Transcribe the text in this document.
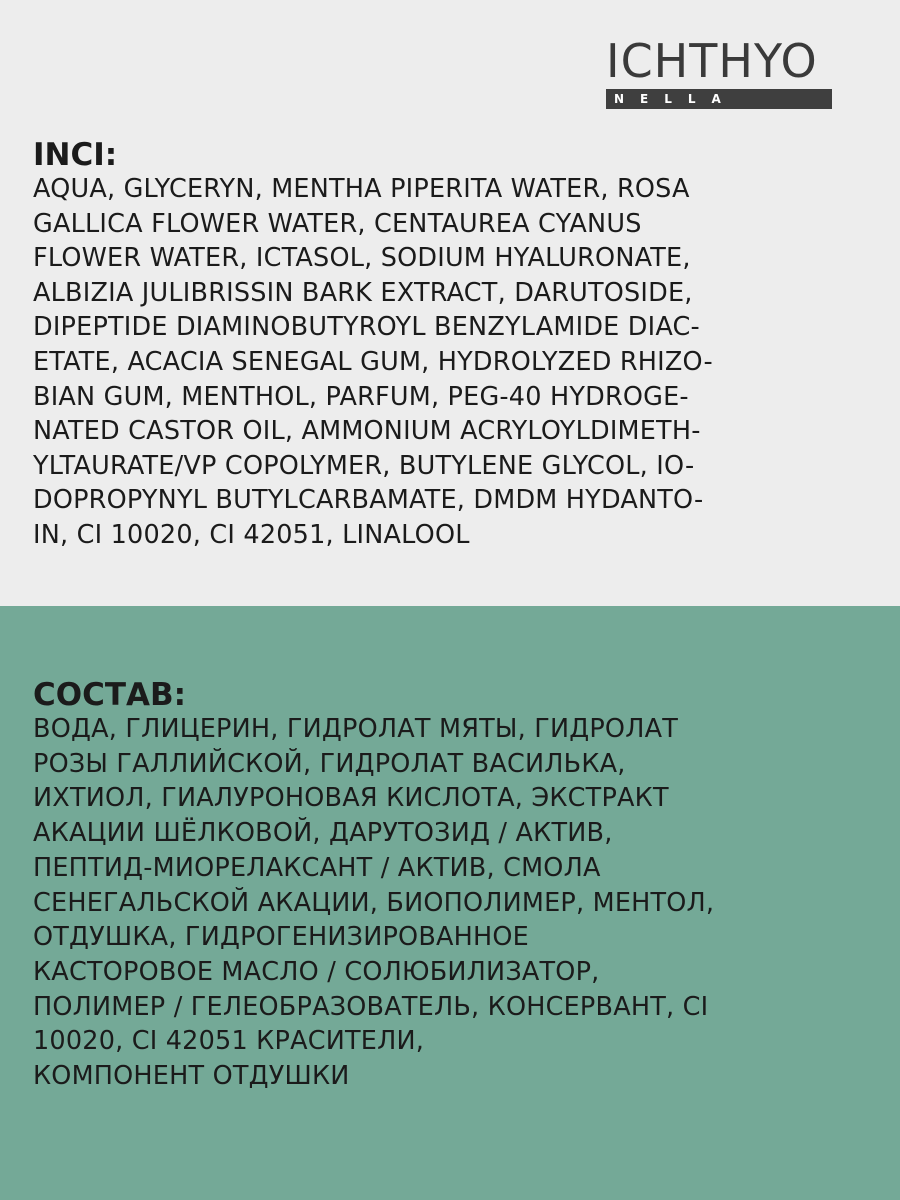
ICHTHYO
NELLA
INCI:
AQUA, GLYCERYN, MENTHA PIPERITA WATER, ROSA
GALLICA FLOWER WATER, CENTAUREA CYANUS
FLOWER WATER, ICTASOL, SODIUM HYALURONATE,
ALBIZIA JULIBRISSIN BARK EXTRACT, DARUTOSIDE,
DIPEPTIDE DIAMINOBUTYROYL BENZYLAMIDE DIAC-
ETATE, ACACIA SENEGAL GUM, HYDROLYZED RHIZO-
BIAN GUM, MENTHOL, PARFUM, PEG-40 HYDROGE-
NATED CASTOR OIL, AMMONIUM ACRYLOYLDIMETH-
YLTAURATE/VP COPOLYMER, BUTYLENE GLYCOL, IO-
DOPROPYNYL BUTYLCARBAMATE, DMDM HYDANTO-
IN, CI 10020, CI 42051, LINALOOL
СОСТАВ:
ВОДА, ГЛИЦЕРИН, ГИДРОЛАТ МЯТЫ, ГИДРОЛАТ
РОЗЫ ГАЛЛИЙСКОЙ, ГИДРОЛАТ ВАСИЛЬКА,
ИХТИОЛ, ГИАЛУРОНОВАЯ КИСЛОТА, ЭКСТРАКТ
АКАЦИИ ШЁЛКОВОЙ, ДАРУТОЗИД / АКТИВ,
ПЕПТИД-МИОРЕЛАКСАНТ / АКТИВ, СМОЛА
СЕНЕГАЛЬСКОЙ АКАЦИИ, БИОПОЛИМЕР, МЕНТОЛ,
ОТДУШКА, ГИДРОГЕНИЗИРОВАННОЕ
КАСТОРОВОЕ МАСЛО / СОЛЮБИЛИЗАТОР,
ПОЛИМЕР / ГЕЛЕОБРАЗОВАТЕЛЬ, КОНСЕРВАНТ, CI
10020, CI 42051 КРАСИТЕЛИ,
КОМПОНЕНТ ОТДУШКИ
